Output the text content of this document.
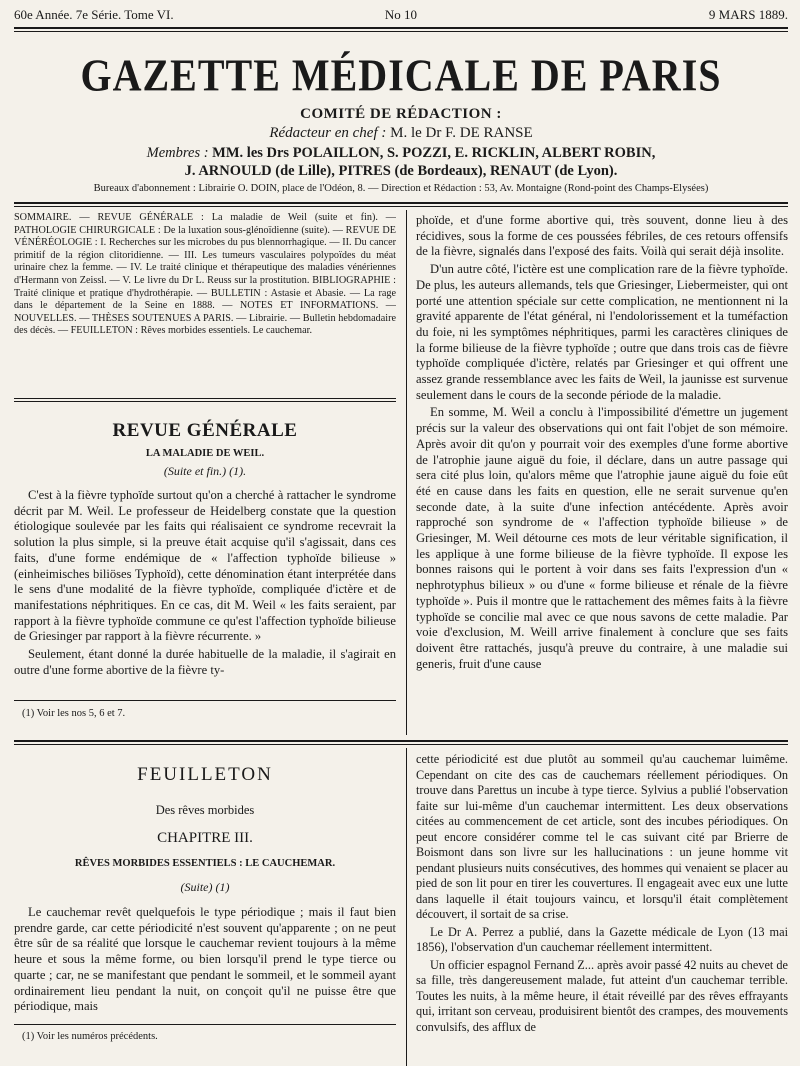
60e Année. 7e Série. Tome VI.	No 10	9 MARS 1889.
GAZETTE MÉDICALE DE PARIS
COMITÉ DE RÉDACTION :
Rédacteur en chef : M. le Dr F. DE RANSE
Membres : MM. les Drs POLAILLON, S. POZZI, E. RICKLIN, ALBERT ROBIN,
J. ARNOULD (de Lille), PITRES (de Bordeaux), RENAUT (de Lyon).
Bureaux d'abonnement : Librairie O. DOIN, place de l'Odéon, 8. — Direction et Rédaction : 53, Av. Montaigne (Rond-point des Champs-Elysées)
SOMMAIRE. — REVUE GÉNÉRALE : La maladie de Weil (suite et fin). — PATHOLOGIE CHIRURGICALE : De la luxation sous-glénoïdienne (suite). — REVUE DE VÉNÉRÉOLOGIE : I. Recherches sur les microbes du pus blennorrhagique. — II. Du cancer primitif de la région clitoridienne. — III. Les tumeurs vasculaires polypoïdes du méat urinaire chez la femme. — IV. Le traité clinique et thérapeutique des maladies vénériennes d'Hermann von Zeissl. — V. Le livre du Dr L. Reuss sur la prostitution. BIBLIOGRAPHIE : Traité clinique et pratique d'hydrothérapie. — BULLETIN : Astasie et Abasie. — La rage dans le département de la Seine en 1888. — NOTES ET INFORMATIONS. — NOUVELLES. — THÈSES SOUTENUES A PARIS. — Librairie. — Bulletin hebdomadaire des décès. — FEUILLETON : Rêves morbides essentiels. Le cauchemar.
REVUE GÉNÉRALE
LA MALADIE DE WEIL.
(Suite et fin.) (1).

C'est à la fièvre typhoïde surtout qu'on a cherché à rattacher le syndrome décrit par M. Weil. Le professeur de Heidelberg constate que la question étiologique soulevée par les faits qui réalisaient ce syndrome recevrait la solution la plus simple, si la preuve était acquise qu'il s'agissait, dans ces faits, d'une forme endémique de « l'affection typhoïde bilieuse » (einheimisches biliöses Typhoïd), cette dénomination étant interprétée dans le sens d'une modalité de la fièvre typhoïde, compliquée d'ictère et de manifestations néphritiques. En ce cas, dit M. Weil « les faits seraient, par rapport à la fièvre typhoïde commune ce qu'est l'affection typhoïde bilieuse de Griesinger par rapport à la fièvre récurrente. »

Seulement, étant donné la durée habituelle de la maladie, il s'agirait en outre d'une forme abortive de la fièvre ty-

(1) Voir les nos 5, 6 et 7.

phoïde, et d'une forme abortive qui, très souvent, donne lieu à des récidives, sous la forme de ces poussées fébriles, de ces retours offensifs de la fièvre, signalés dans l'exposé des faits. Voilà qui serait déjà insolite.

D'un autre côté, l'ictère est une complication rare de la fièvre typhoïde. De plus, les auteurs allemands, tels que Griesinger, Liebermeister, qui ont porté une attention spéciale sur cette complication, ne mentionnent ni la gravité apparente de l'état général, ni l'endolorissement et la tuméfaction du foie, ni les symptômes néphritiques, parmi les caractères cliniques de la forme bilieuse de la fièvre typhoïde ; outre que dans trois cas de fièvre typhoïde compliquée d'ictère, relatés par Griesinger et qui offrent une assez grande ressemblance avec les faits de Weil, la jaunisse est survenue seulement dans le cours de la seconde période de la maladie.

En somme, M. Weil a conclu à l'impossibilité d'émettre un jugement précis sur la valeur des observations qui ont fait l'objet de son mémoire. Après avoir dit qu'on y pourrait voir des exemples d'une forme abortive de l'atrophie jaune aiguë du foie, il déclare, dans un autre passage qui sera cité plus loin, qu'alors même que l'atrophie jaune aiguë du foie eût été en cause dans les faits en question, elle ne serait survenue qu'en seconde date, à la suite d'une infection antécédente. Après avoir rapproché son syndrome de « l'affection typhoïde bilieuse » de Griesinger, M. Weil détourne ces mots de leur véritable signification, il les applique à une forme bilieuse de la fièvre typhoïde. Il expose les bonnes raisons qui le portent à voir dans ses faits l'expression d'un « nephrotyphus bilieux » ou d'une « forme bilieuse et rénale de la fièvre typhoïde ». Puis il montre que le rattachement des mêmes faits à la fièvre typhoïde se concilie mal avec ce que nous savons de cette maladie. Par voie d'exclusion, M. Weill arrive finalement à conclure que ses faits doivent être rattachés, jusqu'à preuve du contraire, à une maladie sui generis, fruit d'une cause

FEUILLETON
Des rêves morbides
CHAPITRE III.
RÊVES MORBIDES ESSENTIELS : LE CAUCHEMAR.
(Suite) (1)

Le cauchemar revêt quelquefois le type périodique ; mais il faut bien prendre garde, car cette périodicité n'est souvent qu'apparente ; on ne peut être sûr de sa réalité que lorsque le cauchemar revient toujours à la même heure et sous la même forme, ou bien lorsqu'il prend le type tierce ou quarte ; car, ne se manifestant que pendant le sommeil, et le sommeil ayant ordinairement lieu pendant la nuit, on conçoit qu'il ne puisse être que périodique, mais

(1) Voir les numéros précédents.

cette périodicité est due plutôt au sommeil qu'au cauchemar luimême. Cependant on cite des cas de cauchemars réellement périodiques. On trouve dans Parettus un incube à type tierce. Sylvius a publié l'observation faite sur lui-même d'un cauchemar intermittent. Les deux observations citées au commencement de cet article, sont des incubes périodiques. On peut encore considérer comme tel le cas suivant cité par Brierre de Boismont dans son livre sur les hallucinations : un jeune homme vit pendant plusieurs nuits consécutives, des hommes qui venaient se placer au pied de son lit pour en tirer les couvertures. Il engageait avec eux une lutte dans laquelle il était toujours vaincu, et lorsqu'il était complètement découvert, il sortait de sa crise.

Le Dr A. Perrez a publié, dans la Gazette médicale de Lyon (13 mai 1856), l'observation d'un cauchemar réellement intermittent.

Un officier espagnol Fernand Z... après avoir passé 42 nuits au chevet de sa fille, très dangereusement malade, fut atteint d'un cauchemar terrible. Toutes les nuits, à la même heure, il était réveillé par des rêves effrayants qui, irritant son cerveau, produisirent bientôt des crampes, des mouvements convulsifs, des afflux de
